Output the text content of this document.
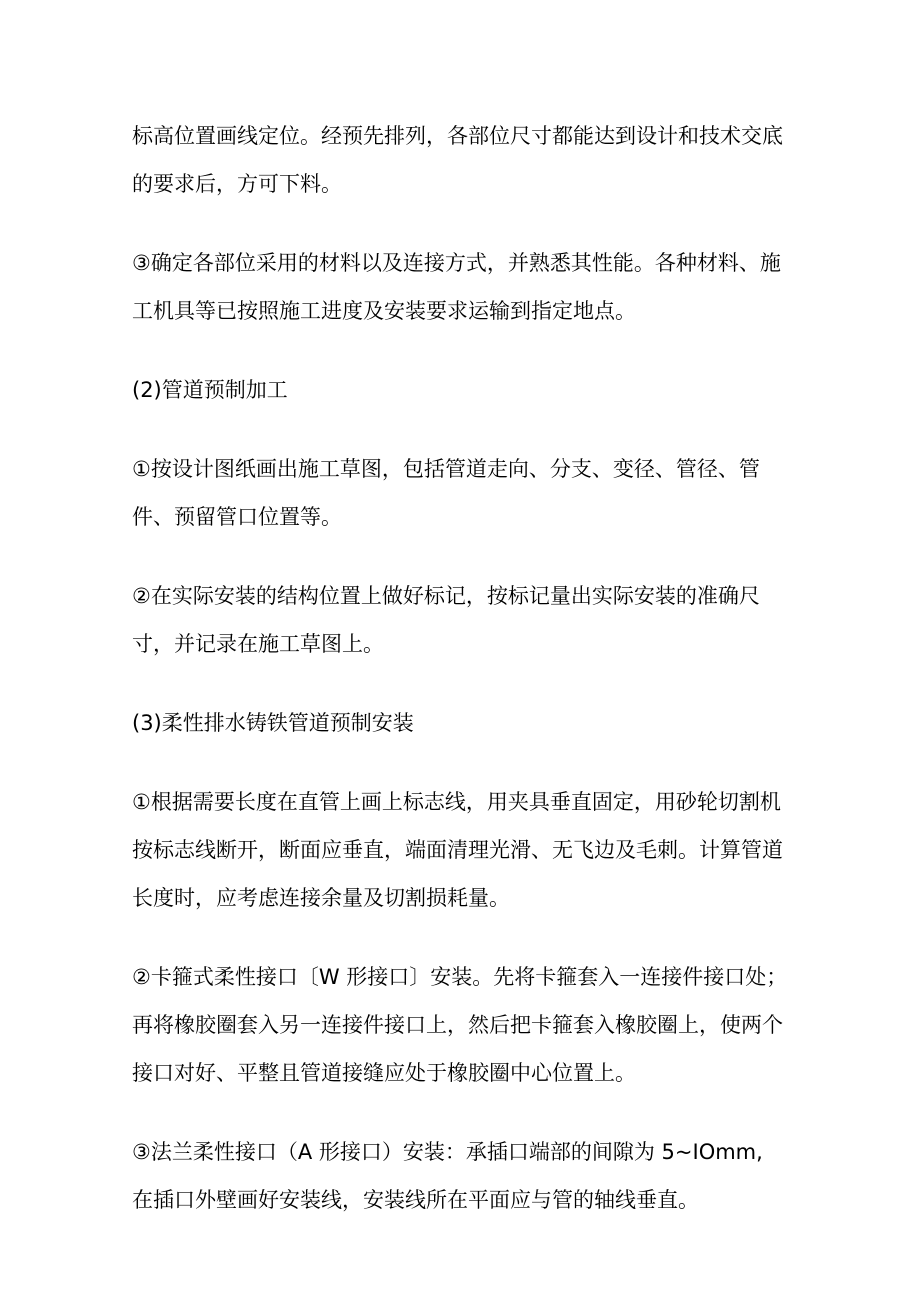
标高位置画线定位。经预先排列，各部位尺寸都能达到设计和技术交底
的要求后，方可下料。

③确定各部位采用的材料以及连接方式，并熟悉其性能。各种材料、施
工机具等已按照施工进度及安装要求运输到指定地点。

(2)管道预制加工

①按设计图纸画出施工草图，包括管道走向、分支、变径、管径、管
件、预留管口位置等。

②在实际安装的结构位置上做好标记，按标记量出实际安装的准确尺
寸，并记录在施工草图上。

(3)柔性排水铸铁管道预制安装

①根据需要长度在直管上画上标志线，用夹具垂直固定，用砂轮切割机
按标志线断开，断面应垂直，端面清理光滑、无飞边及毛刺。计算管道
长度时，应考虑连接余量及切割损耗量。

②卡箍式柔性接口〔W 形接口〕安装。先将卡箍套入一连接件接口处；
再将橡胶圈套入另一连接件接口上，然后把卡箍套入橡胶圈上，使两个
接口对好、平整且管道接缝应处于橡胶圈中心位置上。

③法兰柔性接口（A 形接口）安装：承插口端部的间隙为 5~IOmm,
在插口外壁画好安装线，安装线所在平面应与管的轴线垂直。
